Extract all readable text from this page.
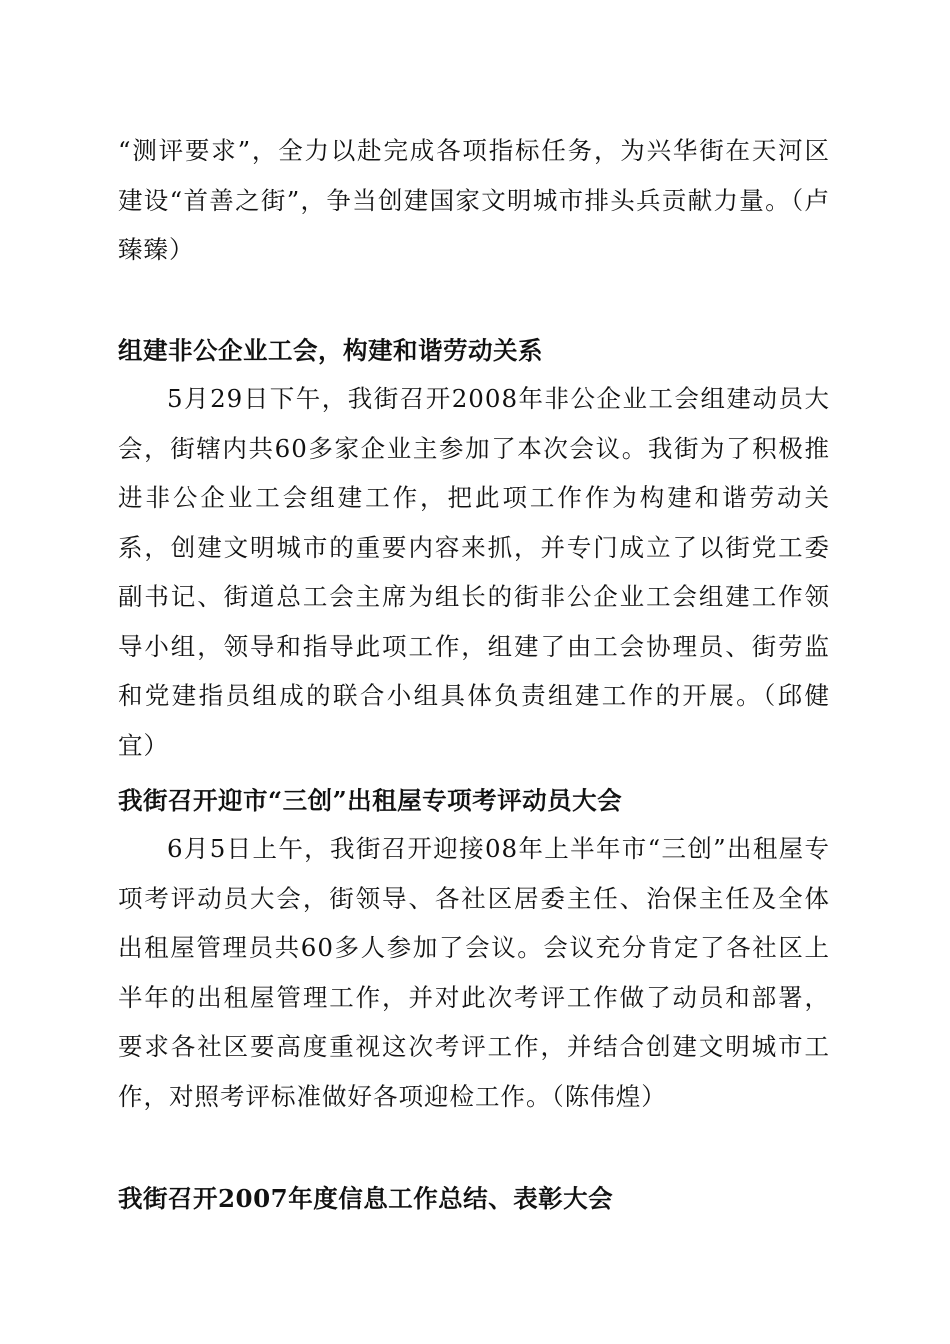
“测评要求”，全力以赴完成各项指标任务，为兴华街在天河区建设“首善之街”，争当创建国家文明城市排头兵贡献力量。（卢臻臻）

组建非公企业工会，构建和谐劳动关系

5月29日下午，我街召开2008年非公企业工会组建动员大会，街辖内共60多家企业主参加了本次会议。我街为了积极推进非公企业工会组建工作，把此项工作作为构建和谐劳动关系，创建文明城市的重要内容来抓，并专门成立了以街党工委副书记、街道总工会主席为组长的街非公企业工会组建工作领导小组，领导和指导此项工作，组建了由工会协理员、街劳监和党建指员组成的联合小组具体负责组建工作的开展。（邱健宜）

我街召开迎市“三创”出租屋专项考评动员大会

6月5日上午，我街召开迎接08年上半年市“三创”出租屋专项考评动员大会，街领导、各社区居委主任、治保主任及全体出租屋管理员共60多人参加了会议。会议充分肯定了各社区上半年的出租屋管理工作，并对此次考评工作做了动员和部署，要求各社区要高度重视这次考评工作，并结合创建文明城市工作，对照考评标准做好各项迎检工作。（陈伟煌）

我街召开2007年度信息工作总结、表彰大会
